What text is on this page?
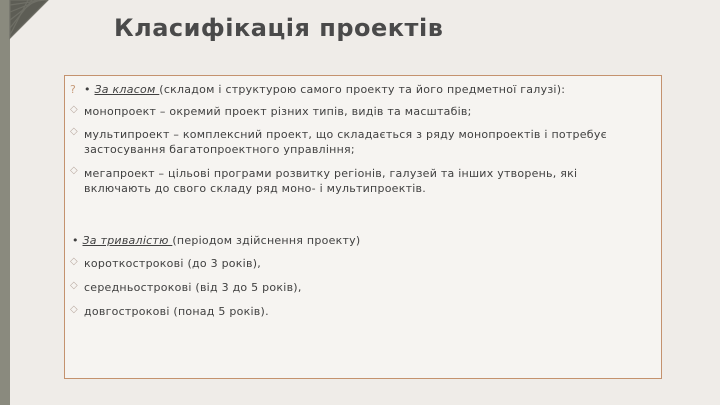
Класифікація проектів
? • За класом (складом і структурою самого проекту та його предметної галузі):
◇ монопроект – окремий проект різних типів, видів та масштабів;
◇ мультипроект – комплексний проект, що складається з ряду монопроектів і потребує застосування багатопроектного управління;
◇ мегапроект – цільові програми розвитку регіонів, галузей та інших утворень, які включають до свого складу ряд моно- і мультипроектів.
• За тривалістю (періодом здійснення проекту)
◇ короткострокові (до 3 років),
◇ середньострокові (від 3 до 5 років),
◇ довгострокові (понад 5 років).
